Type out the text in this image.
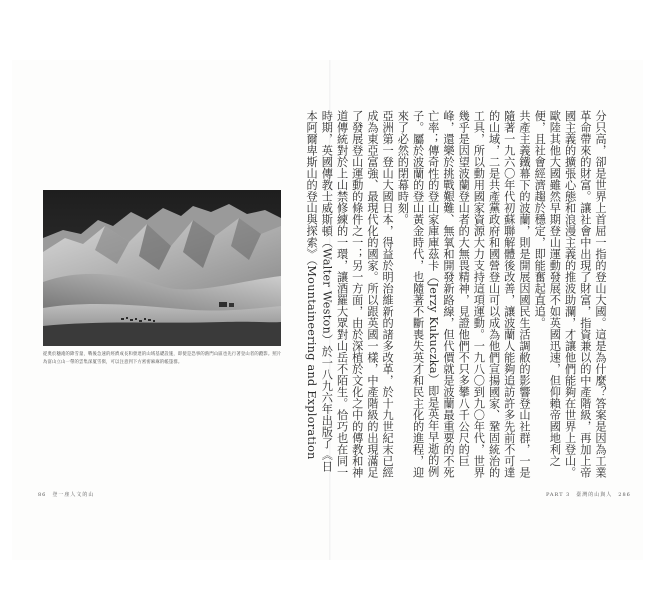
從奧於穗淹的降雪量，戰後急速的經濟成長和發達的山域基礎設施，即使是恐事的熱門山區也先行著登山者的蹤影。照片為富山立山一帶的雲集深厦雪嶺，可以注意到下方密密麻麻的帳篷群。	分只高，卻是世界上首屈一指的登山大國。這是為什麼？答案是因為工業革命帶來的財富。讓社會中出現了財富，指資兼以的中產階級，再加上帝國主義的擴張心態和浪漫主義的推波助瀾，才讓他們能夠在世界上登山。歐陸其他大國雖然早期登山運動發展不如英國迅速，但仰賴帝國地利之便，且社會經濟趨於穩定，即能奮起直追。

共產主義鐵幕下的波蘭，則是開展因國民生活調敝的影響登山社群，一是隨著一九六〇年代初蘇聯解體後改善，讓波蘭人能夠追訪許多先前不可達的山域，二是共產黨政府和國營登山可以成為他們宣揚國家、鞏固統治的工具，所以動用國家資源大力支持這項運動。一九八〇到九〇年代，世界幾乎是因望波蘭登山者的大無畏精神，見證他們不只多攀八千公尺的巨峰，還樂於挑戰艱難、無氧和開發新路線，但代價就是波蘭最重要的不死亡率；傳奇性的登山家庫庫茲卡（Jerzy Kukuczka）即是英年早逝的例子。屬於波蘭的登山黃金時代，也隨著不斷喪失英才和民主化的進程，迎來了必然的閉幕時刻。

亞洲第一登山大國日本，得益於明治維新的諸多改革，於十九世紀末已經成為東亞富強、最現代化的國家。所以跟英國一樣，中產階級的出現滿足了發展登山運動的條件之一；另一方面，由於深植於文化之中的傳教和神道傳統對於上山禁修練的一環，讓酒羅大眾對山岳不陌生。恰巧也在同一時期，英國傳教士威斯頓（Walter Weston）於一八九六年出版了《日本阿爾卑斯山的登山與探索》（Mountaineering and Exploration

86　登一座人文的山	PART 3　臺灣的山與人　286
